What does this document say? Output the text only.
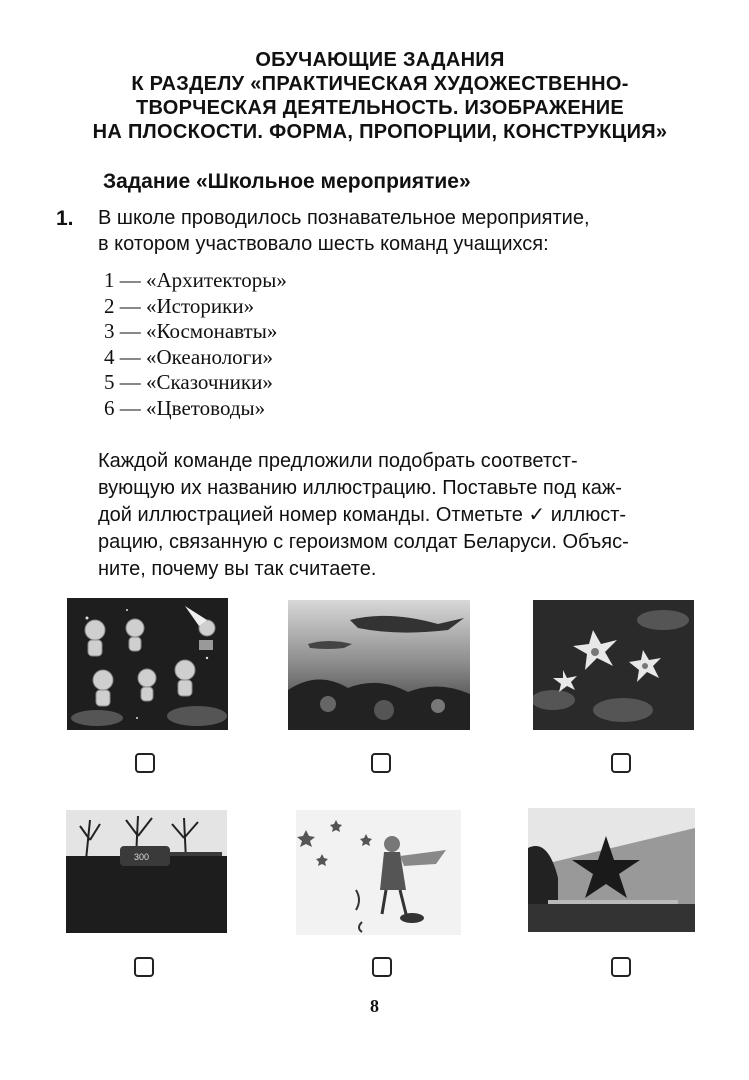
ОБУЧАЮЩИЕ ЗАДАНИЯ
К РАЗДЕЛУ «ПРАКТИЧЕСКАЯ ХУДОЖЕСТВЕННО-
ТВОРЧЕСКАЯ ДЕЯТЕЛЬНОСТЬ. ИЗОБРАЖЕНИЕ
НА ПЛОСКОСТИ. ФОРМА, ПРОПОРЦИИ, КОНСТРУКЦИЯ»
Задание «Школьное мероприятие»
1. В школе проводилось познавательное мероприятие,
в котором участвовало шесть команд учащихся:
1 — «Архитекторы»
2 — «Историки»
3 — «Космонавты»
4 — «Океанологи»
5 — «Сказочники»
6 — «Цветоводы»
Каждой команде предложили подобрать соответст-
вующую их названию иллюстрацию. Поставьте под каж-
дой иллюстрацией номер команды. Отметьте ✓ иллюст-
рацию, связанную с героизмом солдат Беларуси. Объяс-
ните, почему вы так считаете.
300
8
